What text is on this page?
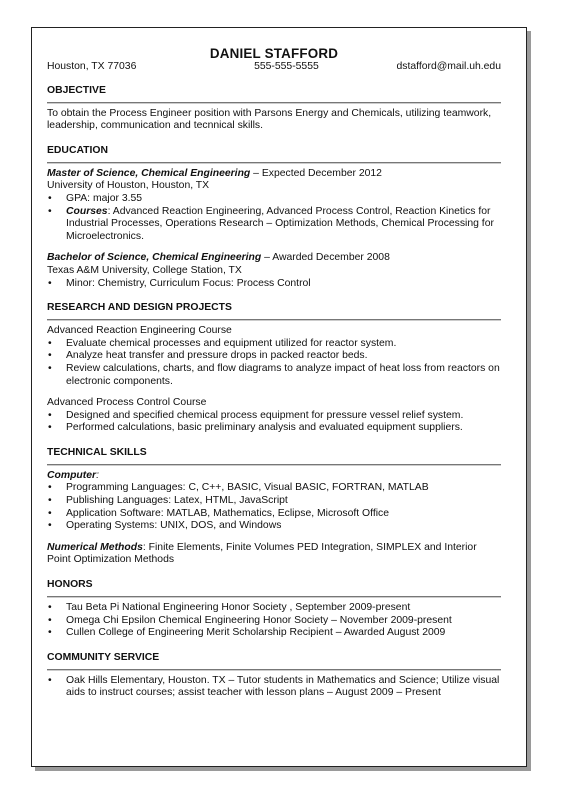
DANIEL STAFFORD
Houston, TX 77036	555-555-5555	dstafford@mail.uh.edu
OBJECTIVE

To obtain the Process Engineer position with Parsons Energy and Chemicals, utilizing teamwork, leadership, communication and tecnnical skills.

EDUCATION
Master of Science, Chemical Engineering – Expected December 2012
University of Houston, Houston, TX
• GPA: major 3.55
• Courses: Advanced Reaction Engineering, Advanced Process Control, Reaction Kinetics for Industrial Processes, Operations Research – Optimization Methods, Chemical Processing for Microelectronics.
Bachelor of Science, Chemical Engineering – Awarded December 2008
Texas A&M University, College Station, TX
• Minor: Chemistry, Curriculum Focus: Process Control
RESEARCH AND DESIGN PROJECTS
Advanced Reaction Engineering Course
• Evaluate chemical processes and equipment utilized for reactor system.
• Analyze heat transfer and pressure drops in packed reactor beds.
• Review calculations, charts, and flow diagrams to analyze impact of heat loss from reactors on electronic components.
Advanced Process Control Course
• Designed and specified chemical process equipment for pressure vessel relief system.
• Performed calculations, basic preliminary analysis and evaluated equipment suppliers.
TECHNICAL SKILLS
Computer:
• Programming Languages: C, C++, BASIC, Visual BASIC, FORTRAN, MATLAB
• Publishing Languages: Latex, HTML, JavaScript
• Application Software: MATLAB, Mathematics, Eclipse, Microsoft Office
• Operating Systems: UNIX, DOS, and Windows
Numerical Methods: Finite Elements, Finite Volumes PED Integration, SIMPLEX and Interior Point Optimization Methods
HONORS
• Tau Beta Pi National Engineering Honor Society , September 2009-present
• Omega Chi Epsilon Chemical Engineering Honor Society – November 2009-present
• Cullen College of Engineering Merit Scholarship Recipient – Awarded August 2009
COMMUNITY SERVICE
• Oak Hills Elementary, Houston. TX – Tutor students in Mathematics and Science; Utilize visual aids to instruct courses; assist teacher with lesson plans – August 2009 – Present
